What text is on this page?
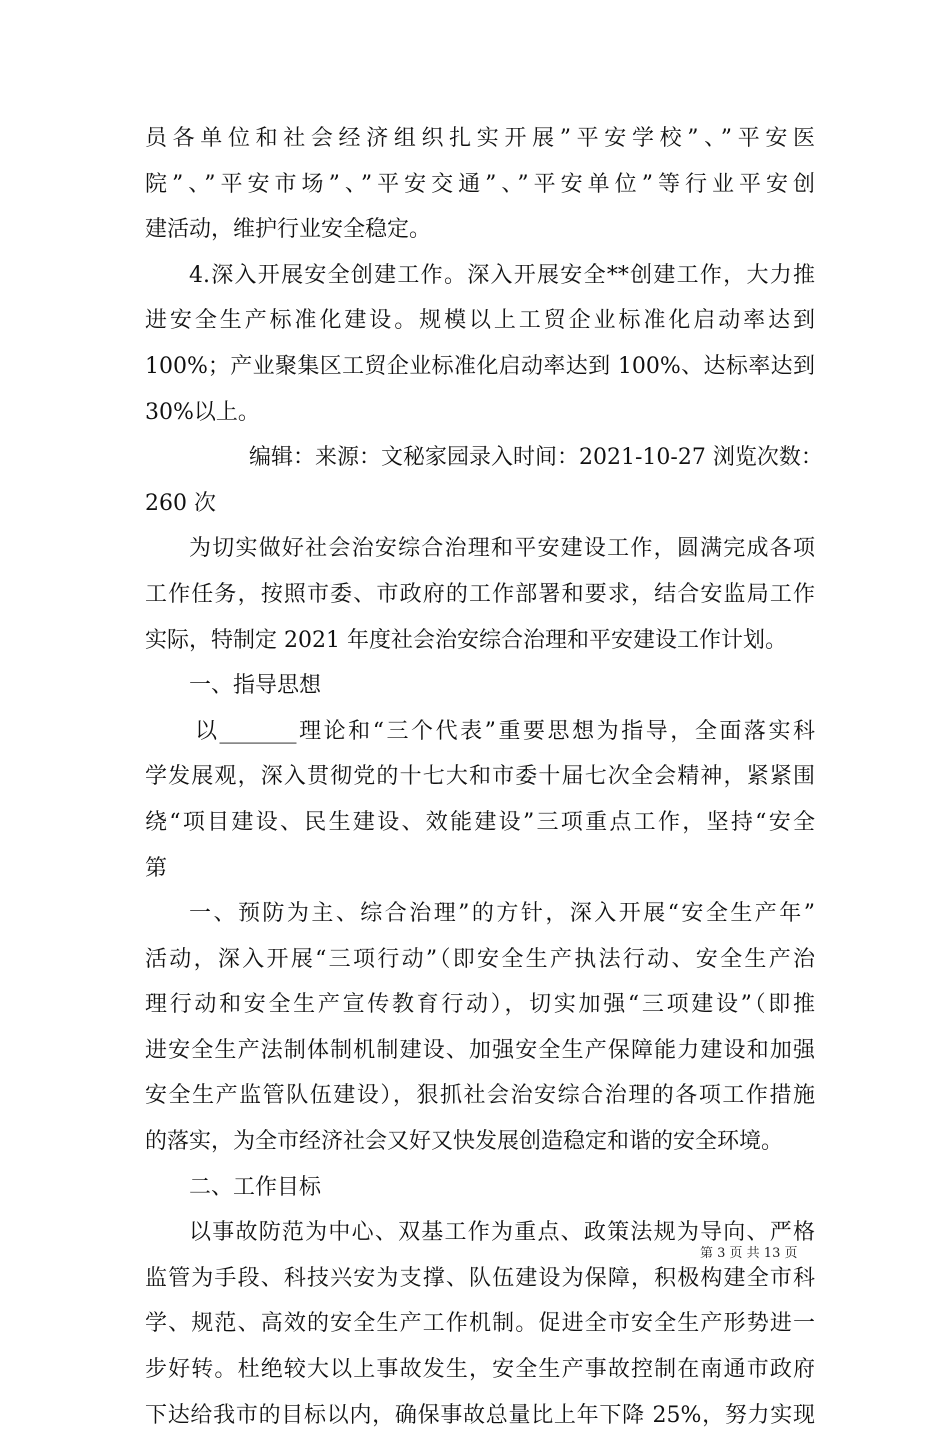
员各单位和社会经济组织扎实开展”平安学校”、”平安医

院”、”平安市场”、”平安交通”、”平安单位”等行业平安创

建活动，维护行业安全稳定。

4.深入开展安全创建工作。深入开展安全**创建工作，大力推

进安全生产标准化建设。规模以上工贸企业标准化启动率达到

100%；产业聚集区工贸企业标准化启动率达到 100%、达标率达到

30%以上。

编辑：来源：文秘家园录入时间：2021-10-27 浏览次数：

260 次

为切实做好社会治安综合治理和平安建设工作，圆满完成各项

工作任务，按照市委、市政府的工作部署和要求，结合安监局工作

实际，特制定 2021 年度社会治安综合治理和平安建设工作计划。

一、指导思想

以_______理论和“三个代表”重要思想为指导，全面落实科

学发展观，深入贯彻党的十七大和市委十届七次全会精神，紧紧围

绕“项目建设、民生建设、效能建设”三项重点工作，坚持“安全

第

一、预防为主、综合治理”的方针，深入开展“安全生产年”

活动，深入开展“三项行动”（即安全生产执法行动、安全生产治

理行动和安全生产宣传教育行动），切实加强“三项建设”（即推

进安全生产法制体制机制建设、加强安全生产保障能力建设和加强

安全生产监管队伍建设），狠抓社会治安综合治理的各项工作措施

的落实，为全市经济社会又好又快发展创造稳定和谐的安全环境。

二、工作目标

以事故防范为中心、双基工作为重点、政策法规为导向、严格

监管为手段、科技兴安为支撑、队伍建设为保障，积极构建全市科

学、规范、高效的安全生产工作机制。促进全市安全生产形势进一

步好转。杜绝较大以上事故发生，安全生产事故控制在南通市政府

下达给我市的目标以内，确保事故总量比上年下降 25%，努力实现

第 3 页 共 13 页
